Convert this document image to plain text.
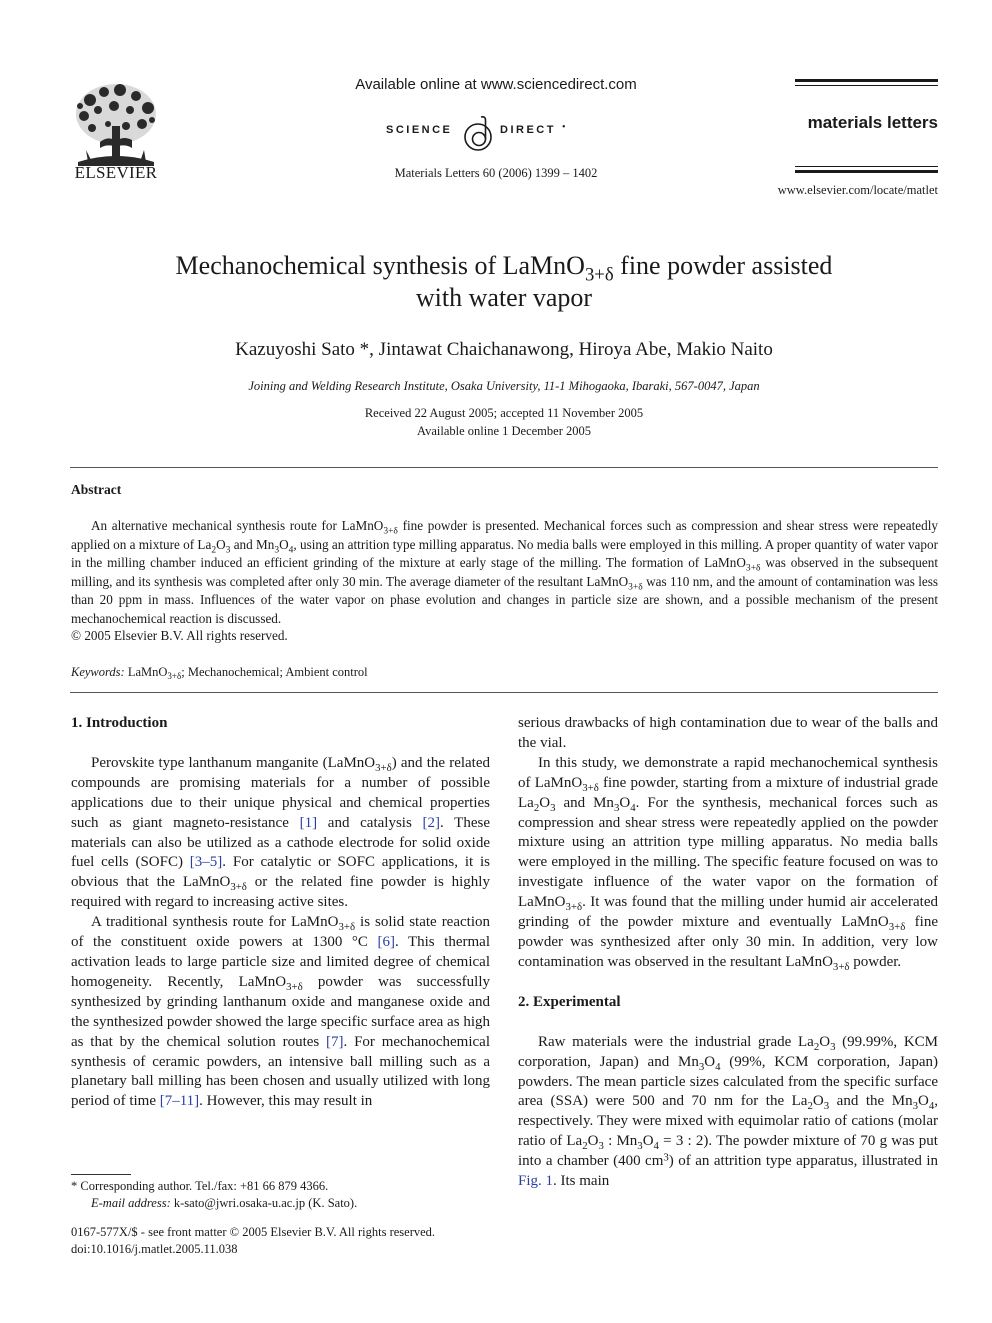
ELSEVIER
Available online at www.sciencedirect.com
SCIENCE	DIRECT •
Materials Letters 60 (2006) 1399 – 1402
materials letters
www.elsevier.com/locate/matlet
Mechanochemical synthesis of LaMnO$_{3+\delta}$ fine powder assisted
with water vapor
Kazuyoshi Sato *, Jintawat Chaichanawong, Hiroya Abe, Makio Naito
Joining and Welding Research Institute, Osaka University, 11-1 Mihogaoka, Ibaraki, 567-0047, Japan
Received 22 August 2005; accepted 11 November 2005
Available online 1 December 2005
Abstract
An alternative mechanical synthesis route for LaMnO$_{3+\delta}$ fine powder is presented. Mechanical forces such as compression and shear stress were repeatedly applied on a mixture of $La_2O_3$ and $Mn_3O_4$, using an attrition type milling apparatus. No media balls were employed in this milling. A proper quantity of water vapor in the milling chamber induced an efficient grinding of the mixture at early stage of the milling. The formation of LaMnO$_{3+\delta}$ was observed in the subsequent milling, and its synthesis was completed after only 30 min. The average diameter of the resultant LaMnO$_{3+\delta}$ was 110 nm, and the amount of contamination was less than 20 ppm in mass. Influences of the water vapor on phase evolution and changes in particle size are shown, and a possible mechanism of the present mechanochemical reaction is discussed.
© 2005 Elsevier B.V. All rights reserved.
Keywords: LaMnO$_{3+\delta}$; Mechanochemical; Ambient control
1. Introduction

Perovskite type lanthanum manganite (LaMnO$_{3+\delta}$) and the related compounds are promising materials for a number of possible applications due to their unique physical and chemical properties such as giant magneto-resistance [1] and catalysis [2]. These materials can also be utilized as a cathode electrode for solid oxide fuel cells (SOFC) [3–5]. For catalytic or SOFC applications, it is obvious that the LaMnO$_{3+\delta}$ or the related fine powder is highly required with regard to increasing active sites.

A traditional synthesis route for LaMnO$_{3+\delta}$ is solid state reaction of the constituent oxide powers at 1300 °C [6]. This thermal activation leads to large particle size and limited degree of chemical homogeneity. Recently, LaMnO$_{3+\delta}$ powder was successfully synthesized by grinding lanthanum oxide and manganese oxide and the synthesized powder showed the large specific surface area as high as that by the chemical solution routes [7]. For mechanochemical synthesis of ceramic powders, an intensive ball milling such as a planetary ball milling has been chosen and usually utilized with long period of time [7–11]. However, this may result in

serious drawbacks of high contamination due to wear of the balls and the vial.

In this study, we demonstrate a rapid mechanochemical synthesis of LaMnO$_{3+\delta}$ fine powder, starting from a mixture of industrial grade $La_2O_3$ and $Mn_3O_4$. For the synthesis, mechanical forces such as compression and shear stress were repeatedly applied on the powder mixture using an attrition type milling apparatus. No media balls were employed in the milling. The specific feature focused on was to investigate influence of the water vapor on the formation of LaMnO$_{3+\delta}$. It was found that the milling under humid air accelerated grinding of the powder mixture and eventually LaMnO$_{3+\delta}$ fine powder was synthesized after only 30 min. In addition, very low contamination was observed in the resultant LaMnO$_{3+\delta}$ powder.

2. Experimental

Raw materials were the industrial grade $La_2O_3$ (99.99%, KCM corporation, Japan) and $Mn_3O_4$ (99%, KCM corporation, Japan) powders. The mean particle sizes calculated from the specific surface area (SSA) were 500 and 70 nm for the $La_2O_3$ and the $Mn_3O_4$, respectively. They were mixed with equimolar ratio of cations (molar ratio of $La_2O_3$ : $Mn_3O_4 = 3$ : 2). The powder mixture of 70 g was put into a chamber (400 $cm^3$) of an attrition type apparatus, illustrated in Fig. 1. Its main

* Corresponding author. Tel./fax: +81 66 879 4366.
E-mail address: k-sato@jwri.osaka-u.ac.jp (K. Sato).
0167-577X/$ - see front matter © 2005 Elsevier B.V. All rights reserved.
doi:10.1016/j.matlet.2005.11.038
